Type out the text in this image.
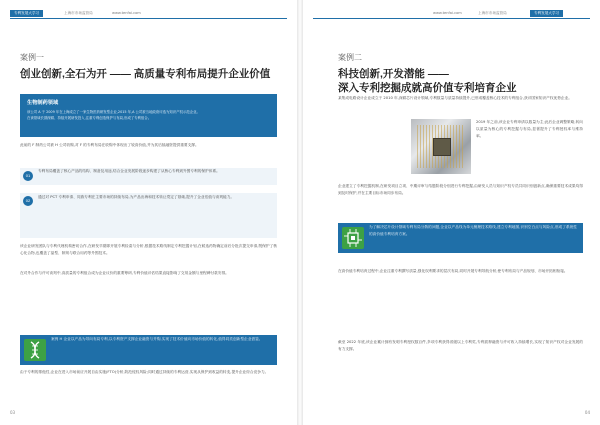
专利发展大学习	上海市市场监管局	www.tenfai.com
案例一
创业创新,全石为开 —— 高质量专利布局提升企业价值
生物制药领域
该公司 A 于 2009 年在上海成立了一家生物医药研发型企业,2015 年,A 公司被当地政府评选为知识产权示范企业。
在该领域长期深耕、持续开展研发投入,注重专利创造保护与布局,形成了专利组合。
此前的 F 制药公司被 H 公司收购,对 F 的专利布局在收购中体现出了较高价值,并为其后续融资提供重要支撑。
01
专利布局覆盖了核心产品的结构、制备及用途,结合企业发展阶段逐步构建了从核心专利到外围专利的保护体系。
02
通过对 PCT 专利申请、同族专利在主要市场的持续布局,为产品出海和技术转让奠定了基础,提升了企业估值与谈判能力。
该企业研发团队与专利代理机构密切合作,在研发早期即开展专利检索与分析,根据技术路线制定专利挖掘计划,在候选药物确定前后分批次提交申请,既保护了核心化合物,也覆盖了晶型、制剂与联合用药等外围技术。
在对外合作与许可谈判中,高质量的专利组合成为企业议价的重要筹码,专利价值评估结果直接影响了交易金额与里程碑付款安排。
案例 H 企业以产品为导向布局专利,以专利资产支撑企业融资与并购,实现了技术价值向市场价值的转化,值得同类创新型企业借鉴。
由于专利的排他性,企业在进入市场前应开展自由实施(FTO)分析,防范侵权风险;同时通过持续的专利运营,实现从保护到收益的转变,提升企业综合竞争力。
03
www.tenfai.com	上海市市场监管局	专利发展大学习
案例二
科技创新,开发潜能 ——
深入专利挖掘成就高价值专利培育企业
某集成电路设计企业成立于 2010 年,深耕芯片设计领域,专利数量与质量持续提升,已形成覆盖核心技术的专利组合,获评国家知识产权优势企业。
2019 年之前,该企业专利申请以数量为主;此后企业调整策略,转向以质量为核心的专利挖掘与布局,显著提升了专利授权率与维持率。
企业建立了专利挖掘机制,在研发项目立项、中期评审与结题阶段分别进行专利挖掘,由研发人员与知识产权专员共同识别创新点,确保重要技术成果均得到及时保护,并在主要目标市场同步布局。
为了解决芯片设计领域专利布局分散的问题,企业以产品线为单元梳理技术路线,建立专利地图,识别空白点与风险点,形成了系统性的高价值专利培育方案。
在高价值专利培育过程中,企业注重专利撰写质量,强化权利要求的层次布局,同时开展专利导航分析,使专利布局与产品规划、市场开拓相衔接。
截至 2022 年底,该企业累计拥有发明专利授权数百件,多项专利获得省级以上专利奖,专利质押融资与许可收入持续增长,实现了知识产权对企业发展的有力支撑。
04
